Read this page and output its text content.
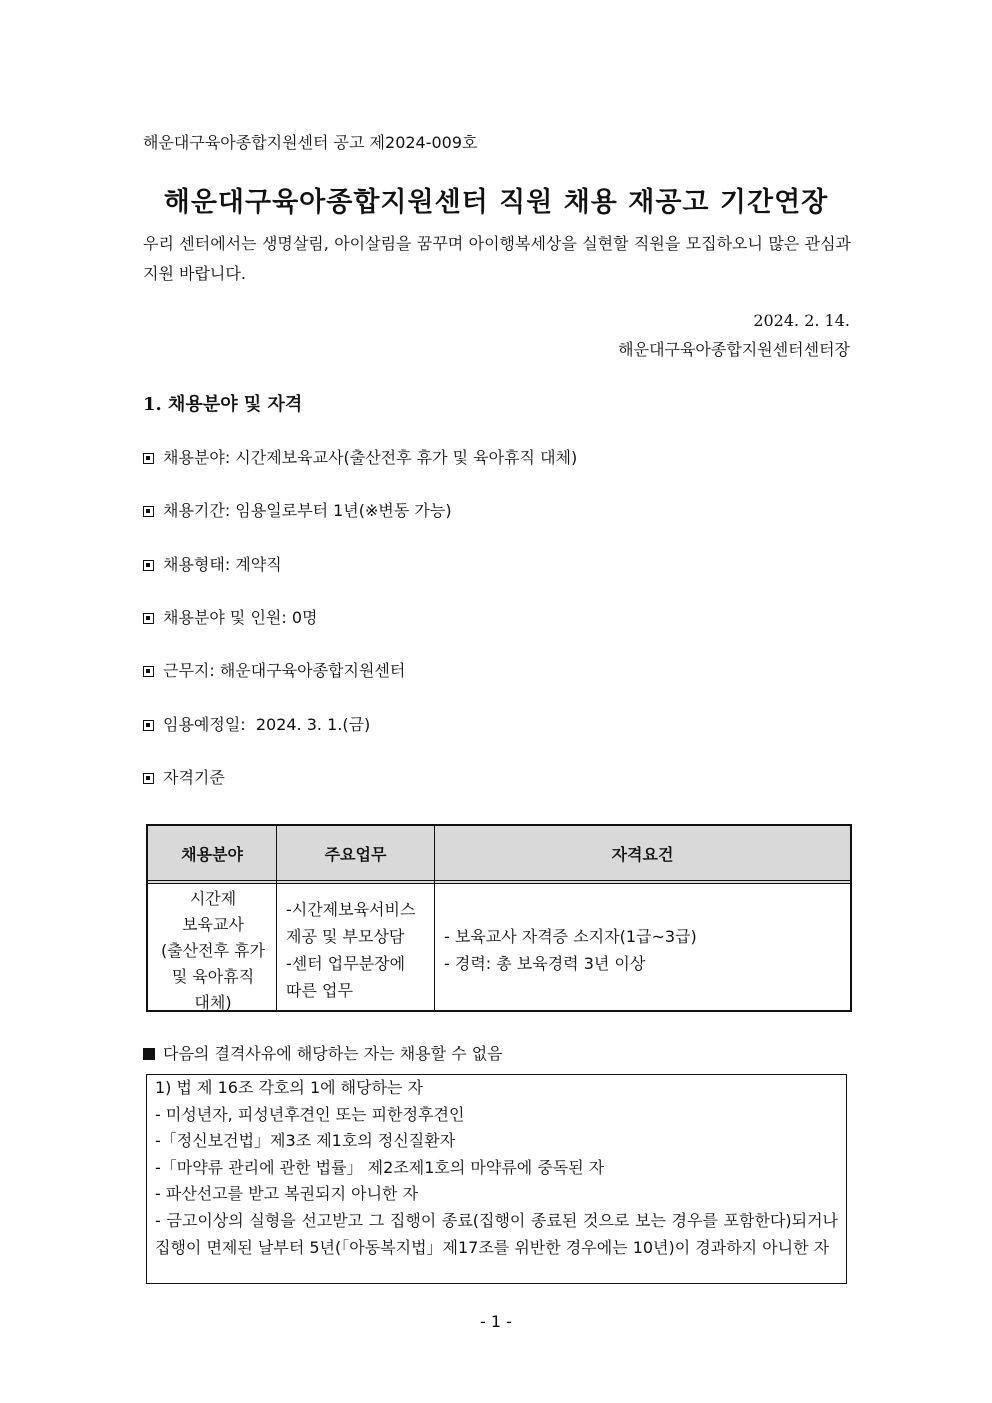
해운대구육아종합지원센터 공고 제2024-009호
해운대구육아종합지원센터 직원 채용 재공고 기간연장
우리 센터에서는 생명살림, 아이살림을 꿈꾸며 아이행복세상을 실현할 직원을 모집하오니 많은 관심과 지원 바랍니다.
2024. 2. 14.
해운대구육아종합지원센터센터장
1. 채용분야 및 자격
채용분야: 시간제보육교사(출산전후 휴가 및 육아휴직 대체)
채용기간: 임용일로부터 1년(※변동 가능)
채용형태: 계약직
채용분야 및 인원: 0명
근무지: 해운대구육아종합지원센터
임용예정일:  2024. 3. 1.(금)
자격기준
채용분야	주요업무	자격요건
시간제
보육교사
(출산전후 휴가
및 육아휴직
대체)
-시간제보육서비스
제공 및 부모상담
-센터 업무분장에
따른 업무
- 보육교사 자격증 소지자(1급~3급)
- 경력: 총 보육경력 3년 이상
다음의 결격사유에 해당하는 자는 채용할 수 없음
1) 법 제 16조 각호의 1에 해당하는 자
- 미성년자, 피성년후견인 또는 피한정후견인
-「정신보건법」제3조 제1호의 정신질환자
-「마약류 관리에 관한 법률」 제2조제1호의 마약류에 중독된 자
- 파산선고를 받고 복권되지 아니한 자
- 금고이상의 실형을 선고받고 그 집행이 종료(집행이 종료된 것으로 보는 경우를 포함한다)되거나 집행이 면제된 날부터 5년(「아동복지법」제17조를 위반한 경우에는 10년)이 경과하지 아니한 자
- 1 -
